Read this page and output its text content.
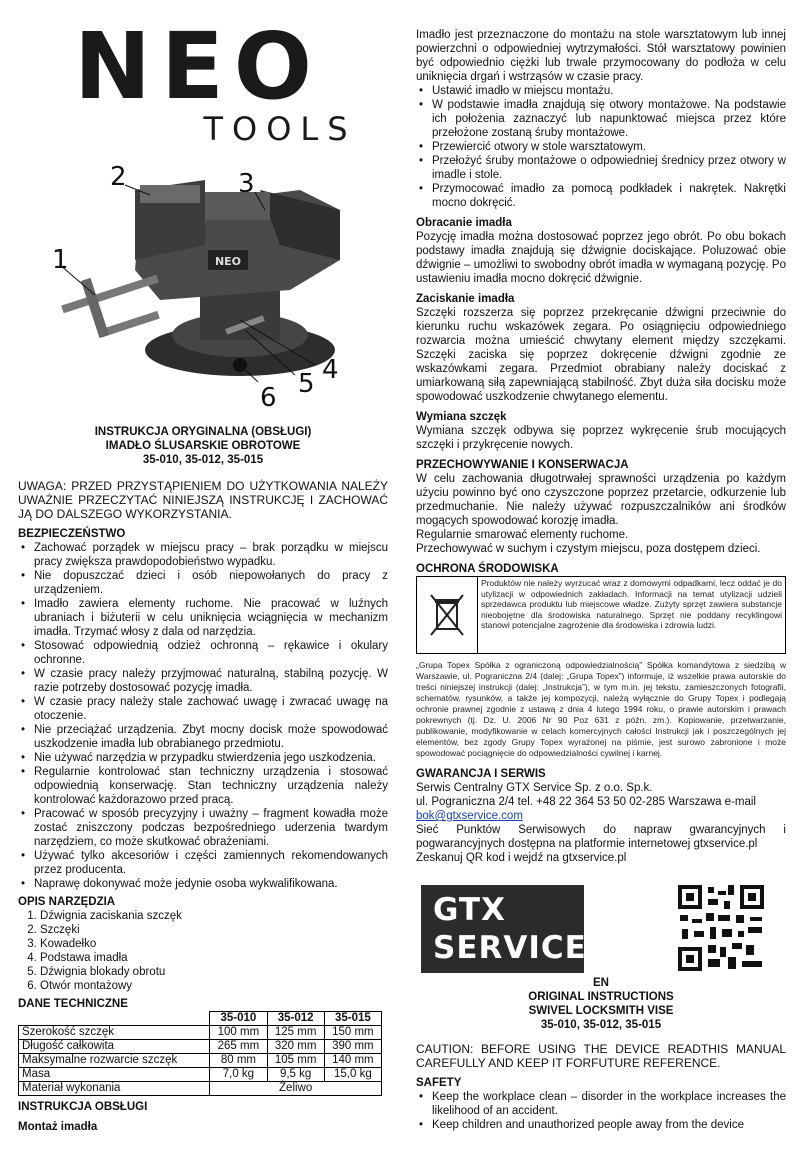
NEO
TOOLS
NEO
1
2	3
4
5
6
INSTRUKCJA ORYGINALNA (OBSŁUGI)
IMADŁO ŚLUSARSKIE OBROTOWE
35-010, 35-012, 35-015
UWAGA: PRZED PRZYSTĄPIENIEM DO UŻYTKOWANIA NALEŻY UWAŻNIE PRZECZYTAĆ NINIEJSZĄ INSTRUKCJĘ I ZACHOWAĆ JĄ DO DALSZEGO WYKORZYSTANIA.
BEZPIECZEŃSTWO
• Zachować porządek w miejscu pracy – brak porządku w miejscu pracy zwiększa prawdopodobieństwo wypadku.
• Nie dopuszczać dzieci i osób niepowołanych do pracy z urządzeniem.
• Imadło zawiera elementy ruchome. Nie pracować w luźnych ubraniach i biżuterii w celu uniknięcia wciągnięcia w mechanizm imadła. Trzymać włosy z dala od narzędzia.
• Stosować odpowiednią odzież ochronną – rękawice i okulary ochronne.
• W czasie pracy należy przyjmować naturalną, stabilną pozycję. W razie potrzeby dostosować pozycję imadła.
• W czasie pracy należy stale zachować uwagę i zwracać uwagę na otoczenie.
• Nie przeciążać urządzenia. Zbyt mocny docisk może spowodować uszkodzenie imadła lub obrabianego przedmiotu.
• Nie używać narzędzia w przypadku stwierdzenia jego uszkodzenia.
• Regularnie kontrolować stan techniczny urządzenia i stosować odpowiednią konserwację. Stan techniczny urządzenia należy kontrolować każdorazowo przed pracą.
• Pracować w sposób precyzyjny i uważny – fragment kowadła może zostać zniszczony podczas bezpośredniego uderzenia twardym narzędziem, co może skutkować obrażeniami.
• Używać tylko akcesoriów i części zamiennych rekomendowanych przez producenta.
• Naprawę dokonywać może jedynie osoba wykwalifikowana.
OPIS NARZĘDZIA
1. Dźwignia zaciskania szczęk
2. Szczęki
3. Kowadełko
4. Podstawa imadła
5. Dźwignia blokady obrotu
6. Otwór montażowy
DANE TECHNICZNE
	35-010	35-012	35-015
Szerokość szczęk	100 mm	125 mm	150 mm
Długość całkowita	265 mm	320 mm	390 mm
Maksymalne rozwarcie szczęk	80 mm	105 mm	140 mm
Masa	7,0 kg	9,5 kg	15,0 kg
Materiał wykonania	Żeliwo		
INSTRUKCJA OBSŁUGI
Montaż imadła
Imadło jest przeznaczone do montażu na stole warsztatowym lub innej powierzchni o odpowiedniej wytrzymałości. Stół warsztatowy powinien być odpowiednio ciężki lub trwale przymocowany do podłoża w celu uniknięcia drgań i wstrząsów w czasie pracy.
• Ustawić imadło w miejscu montażu.
• W podstawie imadła znajdują się otwory montażowe. Na podstawie ich położenia zaznaczyć lub napunktować miejsca przez które przełożone zostaną śruby montażowe.
• Przewiercić otwory w stole warsztatowym.
• Przełożyć śruby montażowe o odpowiedniej średnicy przez otwory w imadle i stole.
• Przymocować imadło za pomocą podkładek i nakrętek. Nakrętki mocno dokręcić.
Obracanie imadła
Pozycję imadła można dostosować poprzez jego obrót. Po obu bokach podstawy imadła znajdują się dźwignie dociskające. Poluzować obie dźwignie – umożliwi to swobodny obrót imadła w wymaganą pozycję. Po ustawieniu imadła mocno dokręcić dźwignie.
Zaciskanie imadła
Szczęki rozszerza się poprzez przekręcanie dźwigni przeciwnie do kierunku ruchu wskazówek zegara. Po osiągnięciu odpowiedniego rozwarcia można umieścić chwytany element między szczękami. Szczęki zaciska się poprzez dokręcenie dźwigni zgodnie ze wskazówkami zegara. Przedmiot obrabiany należy dociskać z umiarkowaną siłą zapewniającą stabilność. Zbyt duża siła docisku może spowodować uszkodzenie chwytanego elementu.
Wymiana szczęk
Wymiana szczęk odbywa się poprzez wykręcenie śrub mocujących szczęki i przykręcenie nowych.
PRZECHOWYWANIE I KONSERWACJA
W celu zachowania długotrwałej sprawności urządzenia po każdym użyciu powinno być ono czyszczone poprzez przetarcie, odkurzenie lub przedmuchanie. Nie należy używać rozpuszczalników ani środków mogących spowodować korozję imadła.
Regularnie smarować elementy ruchome.
Przechowywać w suchym i czystym miejscu, poza dostępem dzieci.
OCHRONA ŚRODOWISKA
Produktów nie należy wyrzucać wraz z domowymi odpadkami, lecz oddać je do utylizacji w odpowiednich zakładach. Informacji na temat utylizacji udzieli sprzedawca produktu lub miejscowe władze. Zużyty sprzęt zawiera substancje nieobojętne dla środowiska naturalnego. Sprzęt nie poddany recyklingowi stanowi potencjalne zagrożenie dla środowiska i zdrowia ludzi.
„Grupa Topex Spółka z ograniczoną odpowiedzialnością” Spółka komandytowa z siedzibą w Warszawie, ul. Pograniczna 2/4 (dalej: „Grupa Topex”) informuje, iż wszelkie prawa autorskie do treści niniejszej instrukcji (dalej: „Instrukcja”), w tym m.in. jej tekstu, zamieszczonych fotografii, schematów, rysunków, a także jej kompozycji, należą wyłącznie do Grupy Topex i podlegają ochronie prawnej zgodnie z ustawą z dnia 4 lutego 1994 roku, o prawie autorskim i prawach pokrewnych (tj. Dz. U. 2006 Nr 90 Poz 631 z późn. zm.). Kopiowanie, przetwarzanie, publikowanie, modyfikowanie w celach komercyjnych całości Instrukcji jak i poszczególnych jej elementów, bez zgody Grupy Topex wyrażonej na piśmie, jest surowo zabronione i może spowodować pociągnięcie do odpowiedzialności cywilnej i karnej.
GWARANCJA I SERWIS
Serwis Centralny GTX Service Sp. z o.o. Sp.k.
ul. Pograniczna 2/4 tel. +48 22 364 53 50 02-285 Warszawa e-mail
bok@gtxservice.com
Sieć Punktów Serwisowych do napraw gwarancyjnych i pogwarancyjnych dostępna na platformie internetowej gtxservice.pl
Zeskanuj QR kod i wejdź na gtxservice.pl
GTX
SERVICE
EN
ORIGINAL INSTRUCTIONS
SWIVEL LOCKSMITH VISE
35-010, 35-012, 35-015
CAUTION: BEFORE USING THE DEVICE READTHIS MANUAL CAREFULLY AND KEEP IT FORFUTURE REFERENCE.
SAFETY
• Keep the workplace clean – disorder in the workplace increases the likelihood of an accident.
• Keep children and unauthorized people away from the device
